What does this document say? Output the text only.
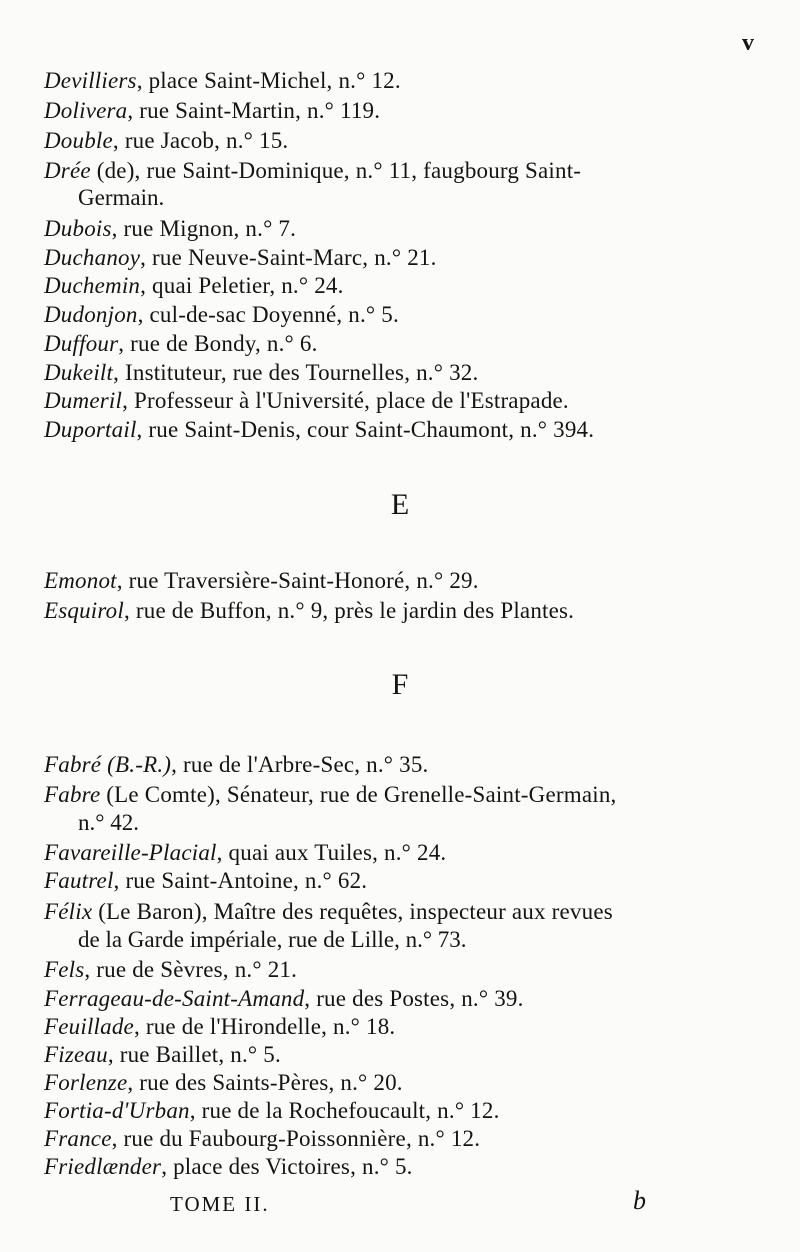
v
Devilliers, place Saint-Michel, n.° 12.
Dolivera, rue Saint-Martin, n.° 119.
Double, rue Jacob, n.° 15.
Drée (de), rue Saint-Dominique, n.° 11, faugbourg Saint-
Germain.
Dubois, rue Mignon, n.° 7.
Duchanoy, rue Neuve-Saint-Marc, n.° 21.
Duchemin, quai Peletier, n.° 24.
Dudonjon, cul-de-sac Doyenné, n.° 5.
Duffour, rue de Bondy, n.° 6.
Dukeilt, Instituteur, rue des Tournelles, n.° 32.
Dumeril, Professeur à l'Université, place de l'Estrapade.
Duportail, rue Saint-Denis, cour Saint-Chaumont, n.° 394.
E
Emonot, rue Traversière-Saint-Honoré, n.° 29.
Esquirol, rue de Buffon, n.° 9, près le jardin des Plantes.
F
Fabré (B.-R.), rue de l'Arbre-Sec, n.° 35.
Fabre (Le Comte), Sénateur, rue de Grenelle-Saint-Germain,
n.° 42.
Favareille-Placial, quai aux Tuiles, n.° 24.
Fautrel, rue Saint-Antoine, n.° 62.
Félix (Le Baron), Maître des requêtes, inspecteur aux revues
de la Garde impériale, rue de Lille, n.° 73.
Fels, rue de Sèvres, n.° 21.
Ferrageau-de-Saint-Amand, rue des Postes, n.° 39.
Feuillade, rue de l'Hirondelle, n.° 18.
Fizeau, rue Baillet, n.° 5.
Forlenze, rue des Saints-Pères, n.° 20.
Fortia-d'Urban, rue de la Rochefoucault, n.° 12.
France, rue du Faubourg-Poissonnière, n.° 12.
Friedlænder, place des Victoires, n.° 5.
TOME II.	b
